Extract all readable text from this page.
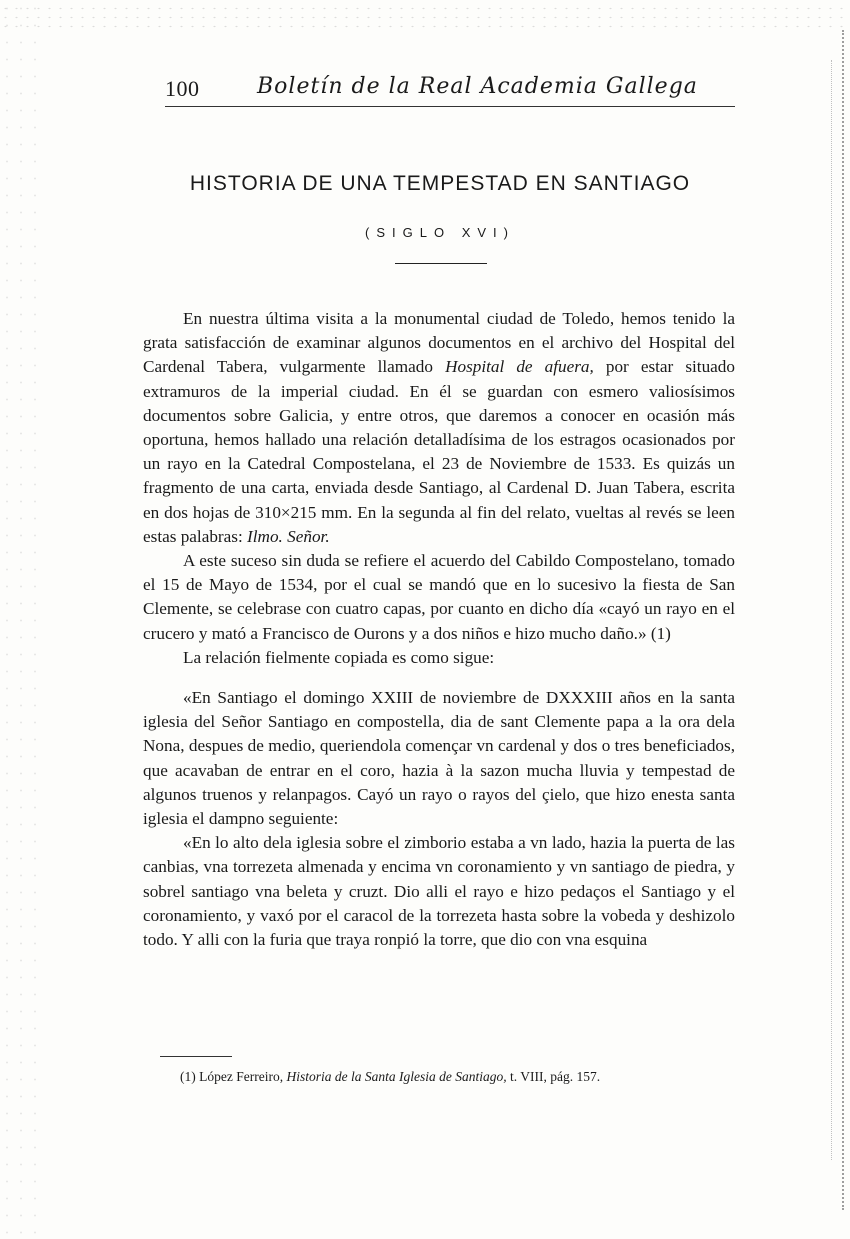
100	Boletín de la Real Academia Gallega
HISTORIA DE UNA TEMPESTAD EN SANTIAGO
(SIGLO XVI)

En nuestra última visita a la monumental ciudad de Toledo, hemos tenido la grata satisfacción de examinar algunos documentos en el archivo del Hospital del Cardenal Tabera, vulgarmente llamado Hospital de afuera, por estar situado extramuros de la imperial ciudad. En él se guardan con esmero valiosísimos documentos sobre Galicia, y entre otros, que daremos a conocer en ocasión más oportuna, hemos hallado una relación detalladísima de los estragos ocasionados por un rayo en la Catedral Compostelana, el 23 de Noviembre de 1533. Es quizás un fragmento de una carta, enviada desde Santiago, al Cardenal D. Juan Tabera, escrita en dos hojas de 310×215 mm. En la segunda al fin del relato, vueltas al revés se leen estas palabras: Ilmo. Señor.

A este suceso sin duda se refiere el acuerdo del Cabildo Compostelano, tomado el 15 de Mayo de 1534, por el cual se mandó que en lo sucesivo la fiesta de San Clemente, se celebrase con cuatro capas, por cuanto en dicho día «cayó un rayo en el crucero y mató a Francisco de Ourons y a dos niños e hizo mucho daño.» (1)

La relación fielmente copiada es como sigue:

«En Santiago el domingo XXIII de noviembre de DXXXIII años en la santa iglesia del Señor Santiago en compostella, dia de sant Clemente papa a la ora dela Nona, despues de medio, queriendola començar vn cardenal y dos o tres beneficiados, que acavaban de entrar en el coro, hazia à la sazon mucha lluvia y tempestad de algunos truenos y relanpagos. Cayó un rayo o rayos del çielo, que hizo enesta santa iglesia el dampno seguiente:

«En lo alto dela iglesia sobre el zimborio estaba a vn lado, hazia la puerta de las canbias, vna torrezeta almenada y encima vn coronamiento y vn santiago de piedra, y sobrel santiago vna beleta y cruzt. Dio alli el rayo e hizo pedaços el Santiago y el coronamiento, y vaxó por el caracol de la torrezeta hasta sobre la vobeda y deshizolo todo. Y alli con la furia que traya ronpió la torre, que dio con vna esquina

(1) López Ferreiro, Historia de la Santa Iglesia de Santiago, t. VIII, pág. 157.
